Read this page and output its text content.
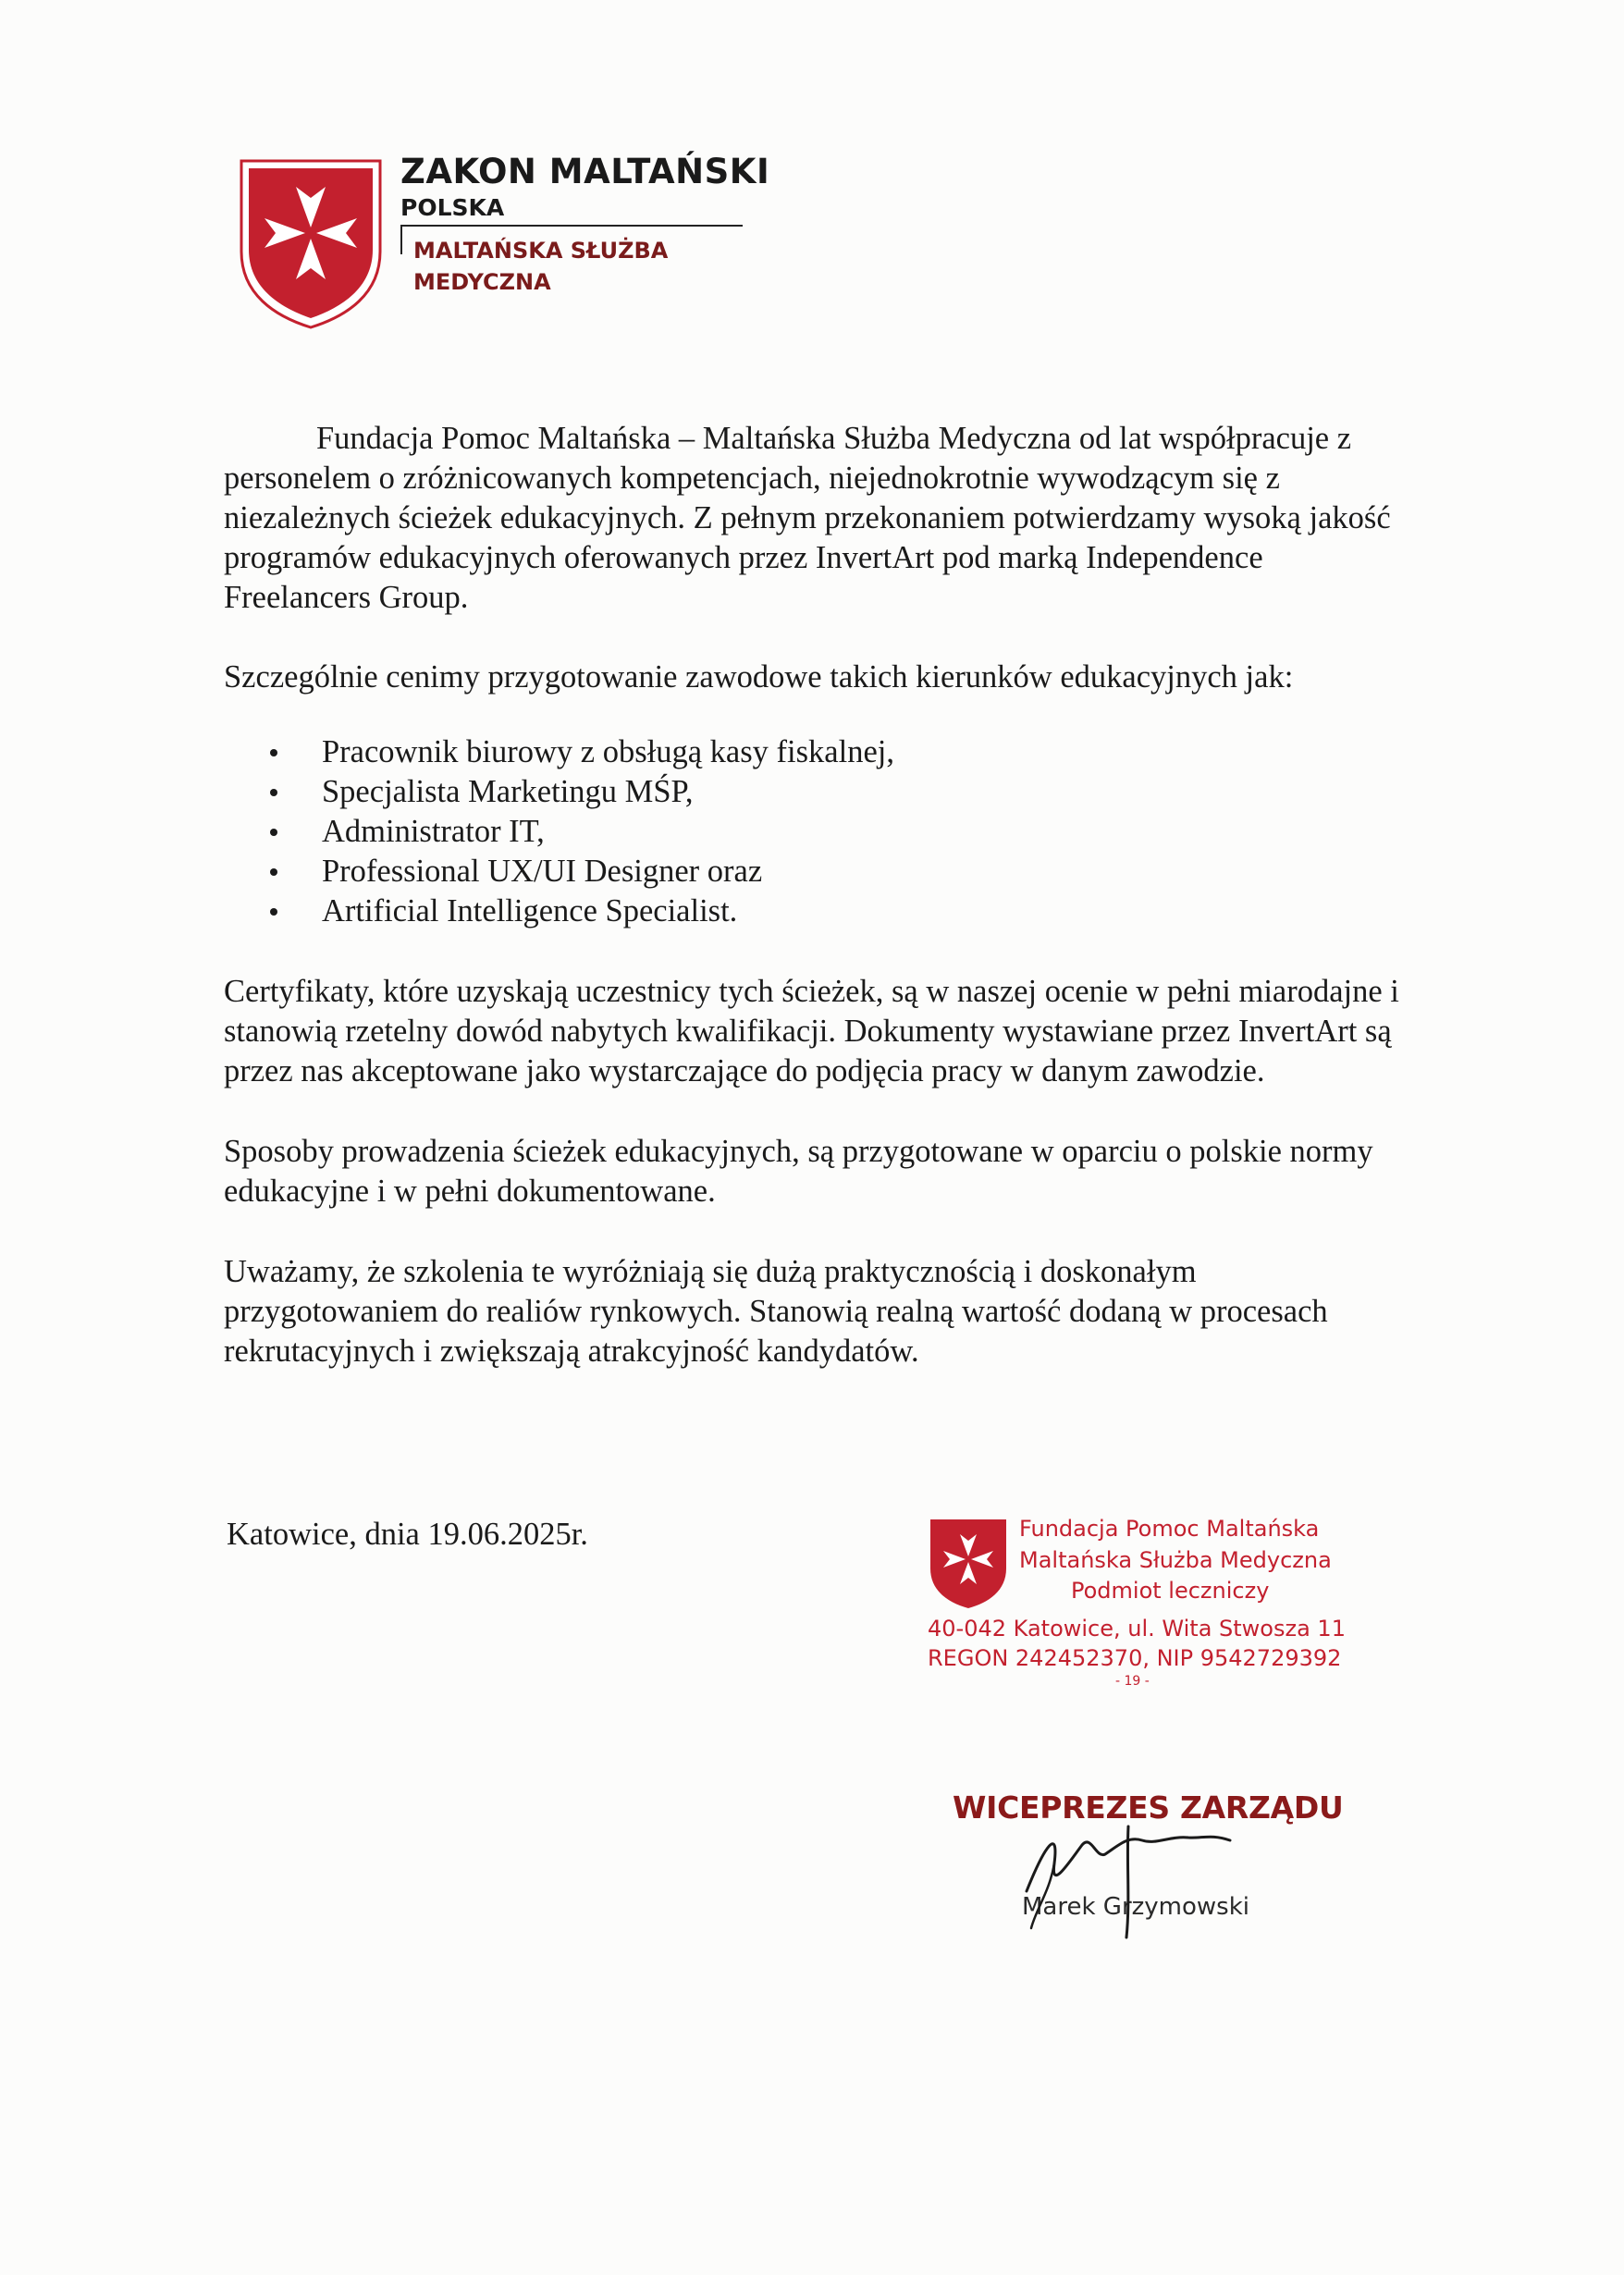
ZAKON MALTAŃSKI
POLSKA
MALTAŃSKA SŁUŻBA
MEDYCZNA

Fundacja Pomoc Maltańska – Maltańska Służba Medyczna od lat współpracuje z personelem o zróżnicowanych kompetencjach, niejednokrotnie wywodzącym się z niezależnych ścieżek edukacyjnych. Z pełnym przekonaniem potwierdzamy wysoką jakość programów edukacyjnych oferowanych przez InvertArt pod marką Independence Freelancers Group.

Szczególnie cenimy przygotowanie zawodowe takich kierunków edukacyjnych jak:

Pracownik biurowy z obsługą kasy fiskalnej,
Specjalista Marketingu MŚP,
Administrator IT,
Professional UX/UI Designer oraz
Artificial Intelligence Specialist.

Certyfikaty, które uzyskają uczestnicy tych ścieżek, są w naszej ocenie w pełni miarodajne i stanowią rzetelny dowód nabytych kwalifikacji. Dokumenty wystawiane przez InvertArt są przez nas akceptowane jako wystarczające do podjęcia pracy w danym zawodzie.

Sposoby prowadzenia ścieżek edukacyjnych, są przygotowane w oparciu o polskie normy edukacyjne i w pełni dokumentowane.

Uważamy, że szkolenia te wyróżniają się dużą praktycznością i doskonałym przygotowaniem do realiów rynkowych. Stanowią realną wartość dodaną w procesach rekrutacyjnych i zwiększają atrakcyjność kandydatów.

Katowice, dnia 19.06.2025r.	Fundacja Pomoc Maltańska
Maltańska Służba Medyczna
Podmiot leczniczy
40-042 Katowice, ul. Wita Stwosza 11
REGON 242452370, NIP 9542729392
- 19 -
WICEPREZES ZARZĄDU
Marek Grzymowski
